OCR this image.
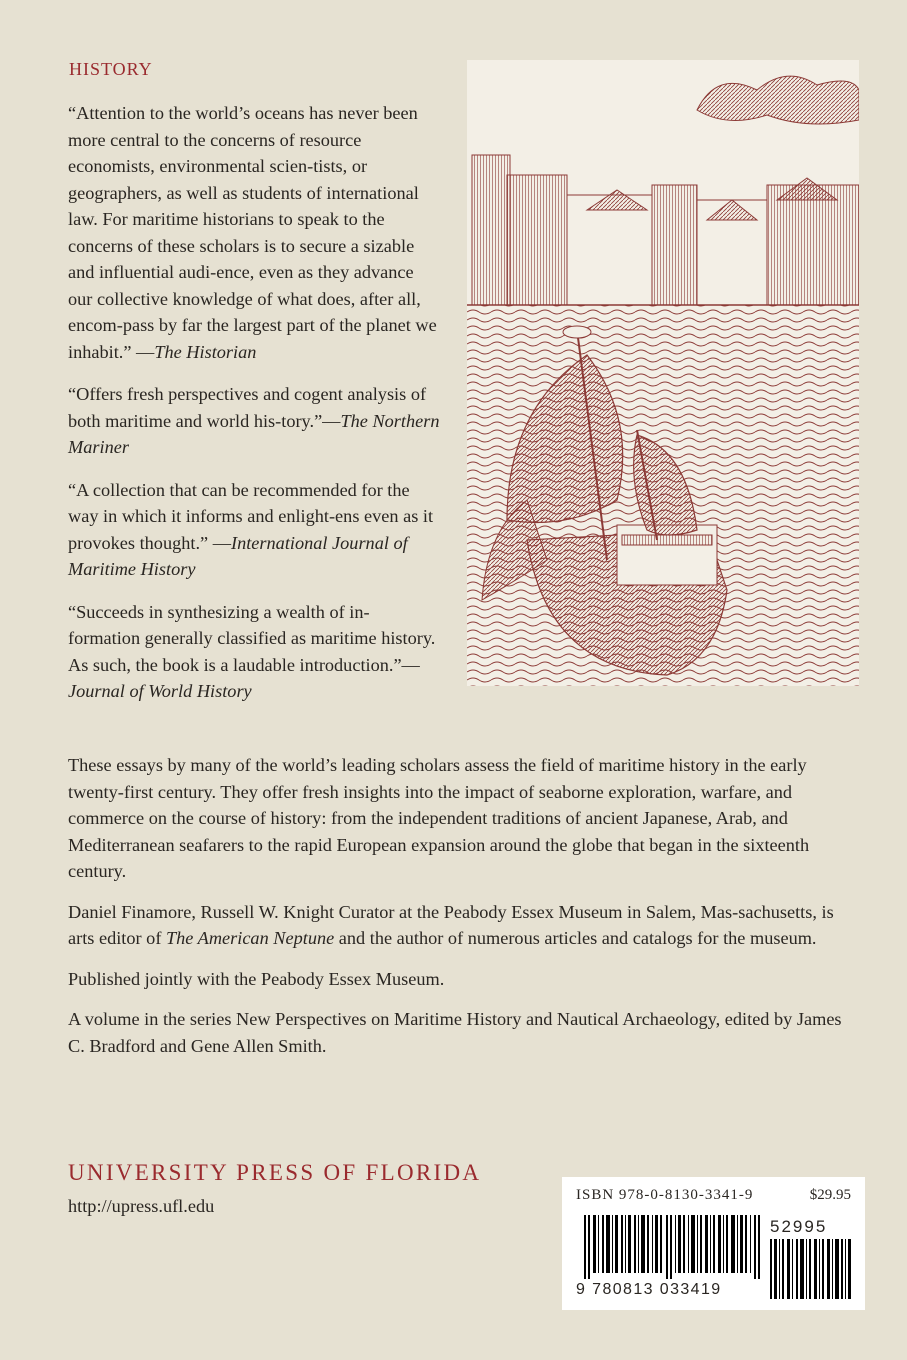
HISTORY

“Attention to the world’s oceans has never been more central to the concerns of resource economists, environmental scien-tists, or geographers, as well as students of international law. For maritime historians to speak to the concerns of these scholars is to secure a sizable and influential audi-ence, even as they advance our collective knowledge of what does, after all, encom-pass by far the largest part of the planet we inhabit.” —The Historian

“Offers fresh perspectives and cogent analysis of both maritime and world his-tory.”—The Northern Mariner

“A collection that can be recommended for the way in which it informs and enlight-ens even as it provokes thought.” —International Journal of Maritime History

“Succeeds in synthesizing a wealth of in-formation generally classified as maritime history. As such, the book is a laudable introduction.”—Journal of World History

These essays by many of the world’s leading scholars assess the field of maritime history in the early twenty-first century. They offer fresh insights into the impact of seaborne exploration, warfare, and commerce on the course of history: from the independent traditions of ancient Japanese, Arab, and Mediterranean seafarers to the rapid European expansion around the globe that began in the sixteenth century.

Daniel Finamore, Russell W. Knight Curator at the Peabody Essex Museum in Salem, Mas-sachusetts, is arts editor of The American Neptune and the author of numerous articles and catalogs for the museum.

Published jointly with the Peabody Essex Museum.

A volume in the series New Perspectives on Maritime History and Nautical Archaeology, edited by James C. Bradford and Gene Allen Smith.

UNIVERSITY PRESS OF FLORIDA
http://upress.ufl.edu
ISBN 978-0-8130-3341-9	$29.95
52995
9 780813 033419
